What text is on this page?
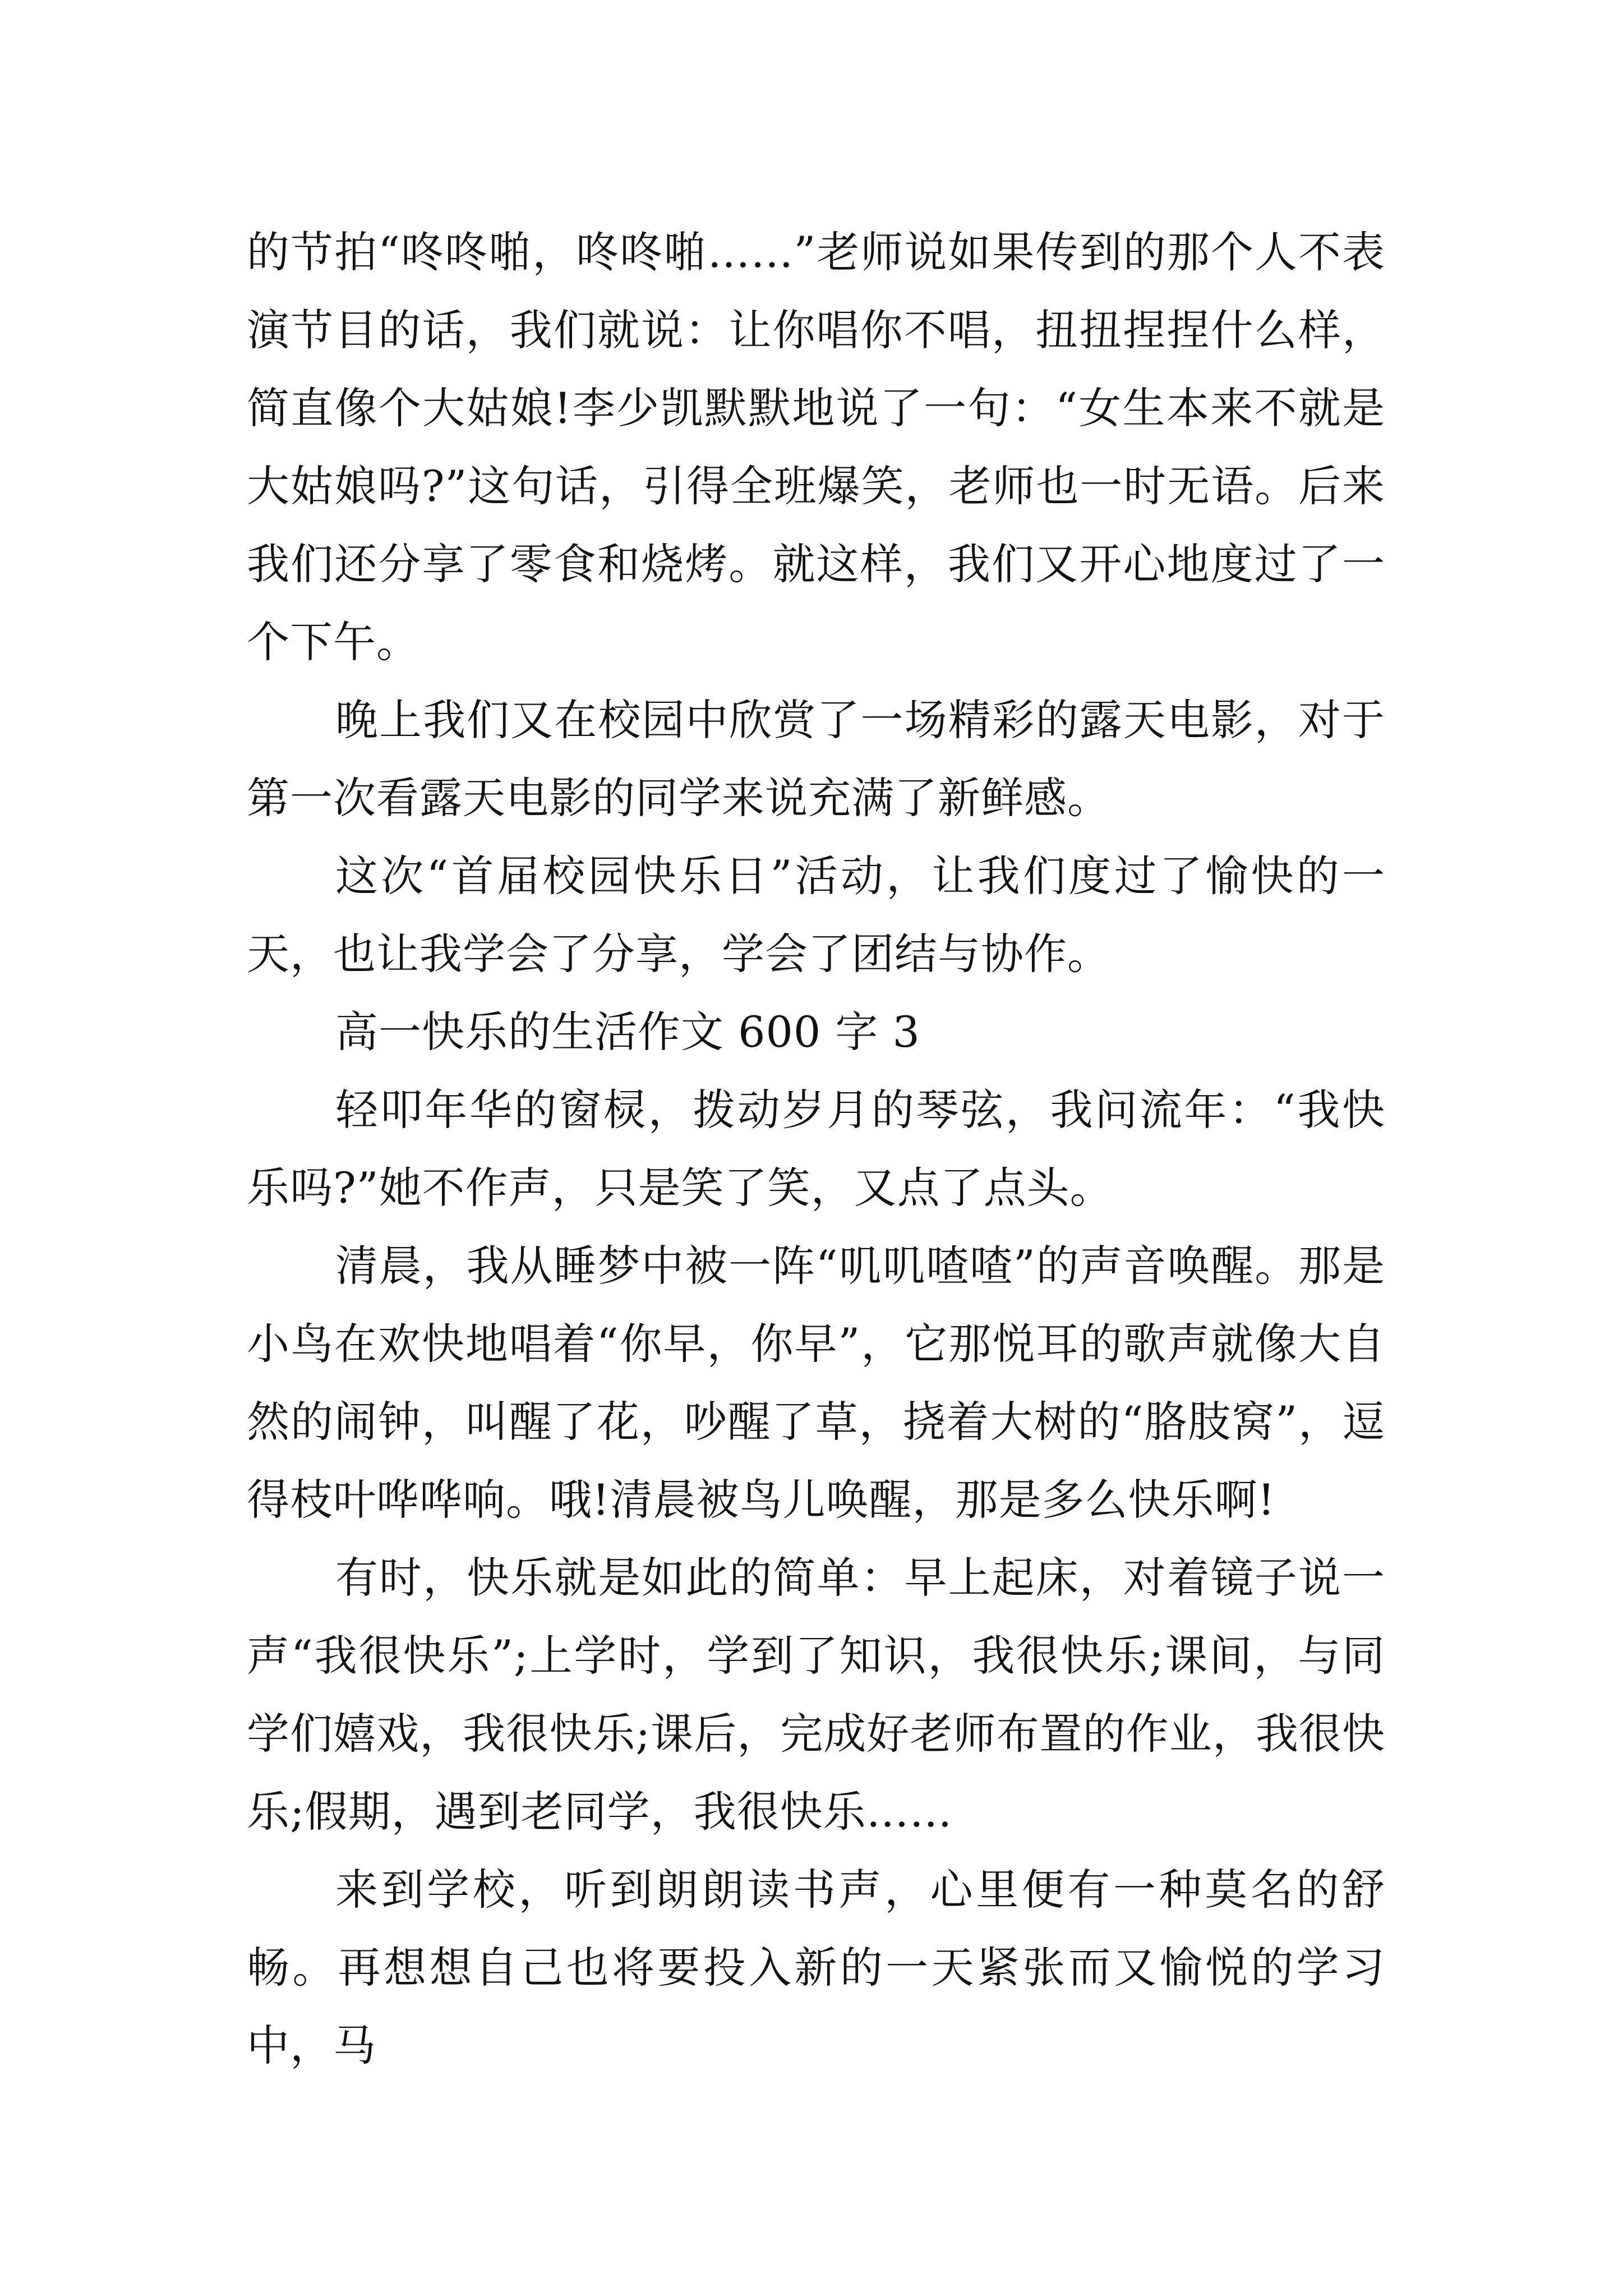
的节拍“咚咚啪，咚咚啪……”老师说如果传到的那个人不表演节目的话，我们就说：让你唱你不唱，扭扭捏捏什么样，简直像个大姑娘!李少凯默默地说了一句：“女生本来不就是大姑娘吗?”这句话，引得全班爆笑，老师也一时无语。后来我们还分享了零食和烧烤。就这样，我们又开心地度过了一个下午。

晚上我们又在校园中欣赏了一场精彩的露天电影，对于第一次看露天电影的同学来说充满了新鲜感。

这次“首届校园快乐日”活动，让我们度过了愉快的一天，也让我学会了分享，学会了团结与协作。

高一快乐的生活作文 600 字 3

轻叩年华的窗棂，拨动岁月的琴弦，我问流年：“我快乐吗?”她不作声，只是笑了笑，又点了点头。

清晨，我从睡梦中被一阵“叽叽喳喳”的声音唤醒。那是小鸟在欢快地唱着“你早，你早”，它那悦耳的歌声就像大自然的闹钟，叫醒了花，吵醒了草，挠着大树的“胳肢窝”，逗得枝叶哗哗响。哦!清晨被鸟儿唤醒，那是多么快乐啊!

有时，快乐就是如此的简单：早上起床，对着镜子说一声“我很快乐”;上学时，学到了知识，我很快乐;课间，与同学们嬉戏，我很快乐;课后，完成好老师布置的作业，我很快乐;假期，遇到老同学，我很快乐……

来到学校，听到朗朗读书声，心里便有一种莫名的舒畅。再想想自己也将要投入新的一天紧张而又愉悦的学习中，马
